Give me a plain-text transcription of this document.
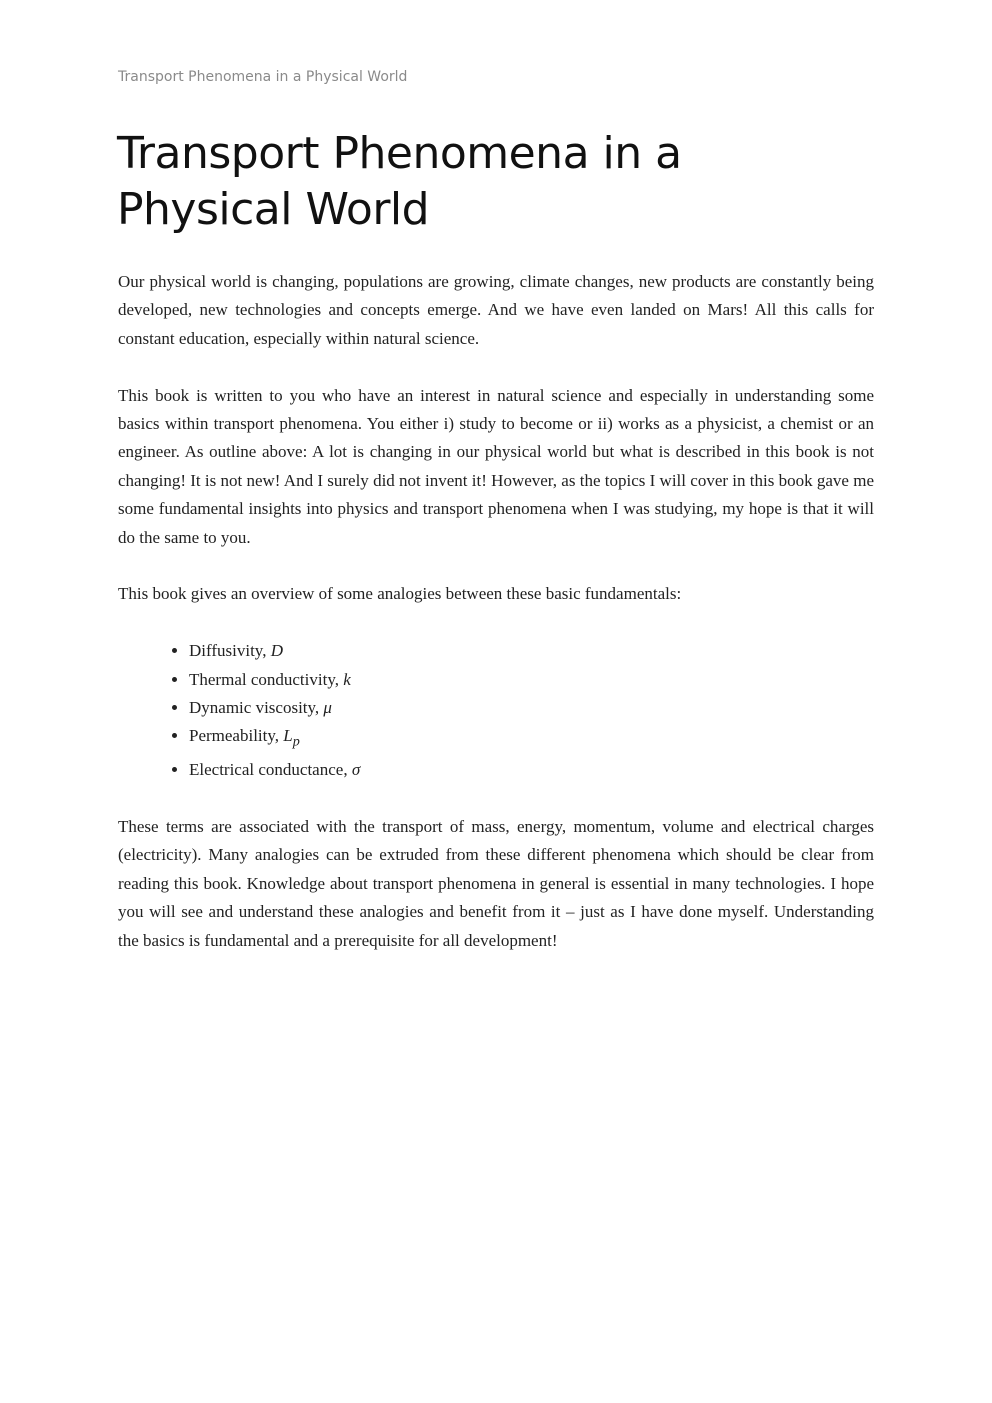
Transport Phenomena in a Physical World
Transport Phenomena in a Physical World

Our physical world is changing, populations are growing, climate changes, new products are constantly being developed, new technologies and concepts emerge. And we have even landed on Mars! All this calls for constant education, especially within natural science.

This book is written to you who have an interest in natural science and especially in understanding some basics within transport phenomena. You either i) study to become or ii) works as a physicist, a chemist or an engineer. As outline above: A lot is changing in our physical world but what is described in this book is not changing! It is not new! And I surely did not invent it! However, as the topics I will cover in this book gave me some fundamental insights into physics and transport phenomena when I was studying, my hope is that it will do the same to you.

This book gives an overview of some analogies between these basic fundamentals:

• Diffusivity, D
• Thermal conductivity, k
• Dynamic viscosity, μ
• Permeability, $L_p$
• Electrical conductance, σ

These terms are associated with the transport of mass, energy, momentum, volume and electrical charges (electricity). Many analogies can be extruded from these different phenomena which should be clear from reading this book. Knowledge about transport phenomena in general is essential in many technologies. I hope you will see and understand these analogies and benefit from it – just as I have done myself. Understanding the basics is fundamental and a prerequisite for all development!
